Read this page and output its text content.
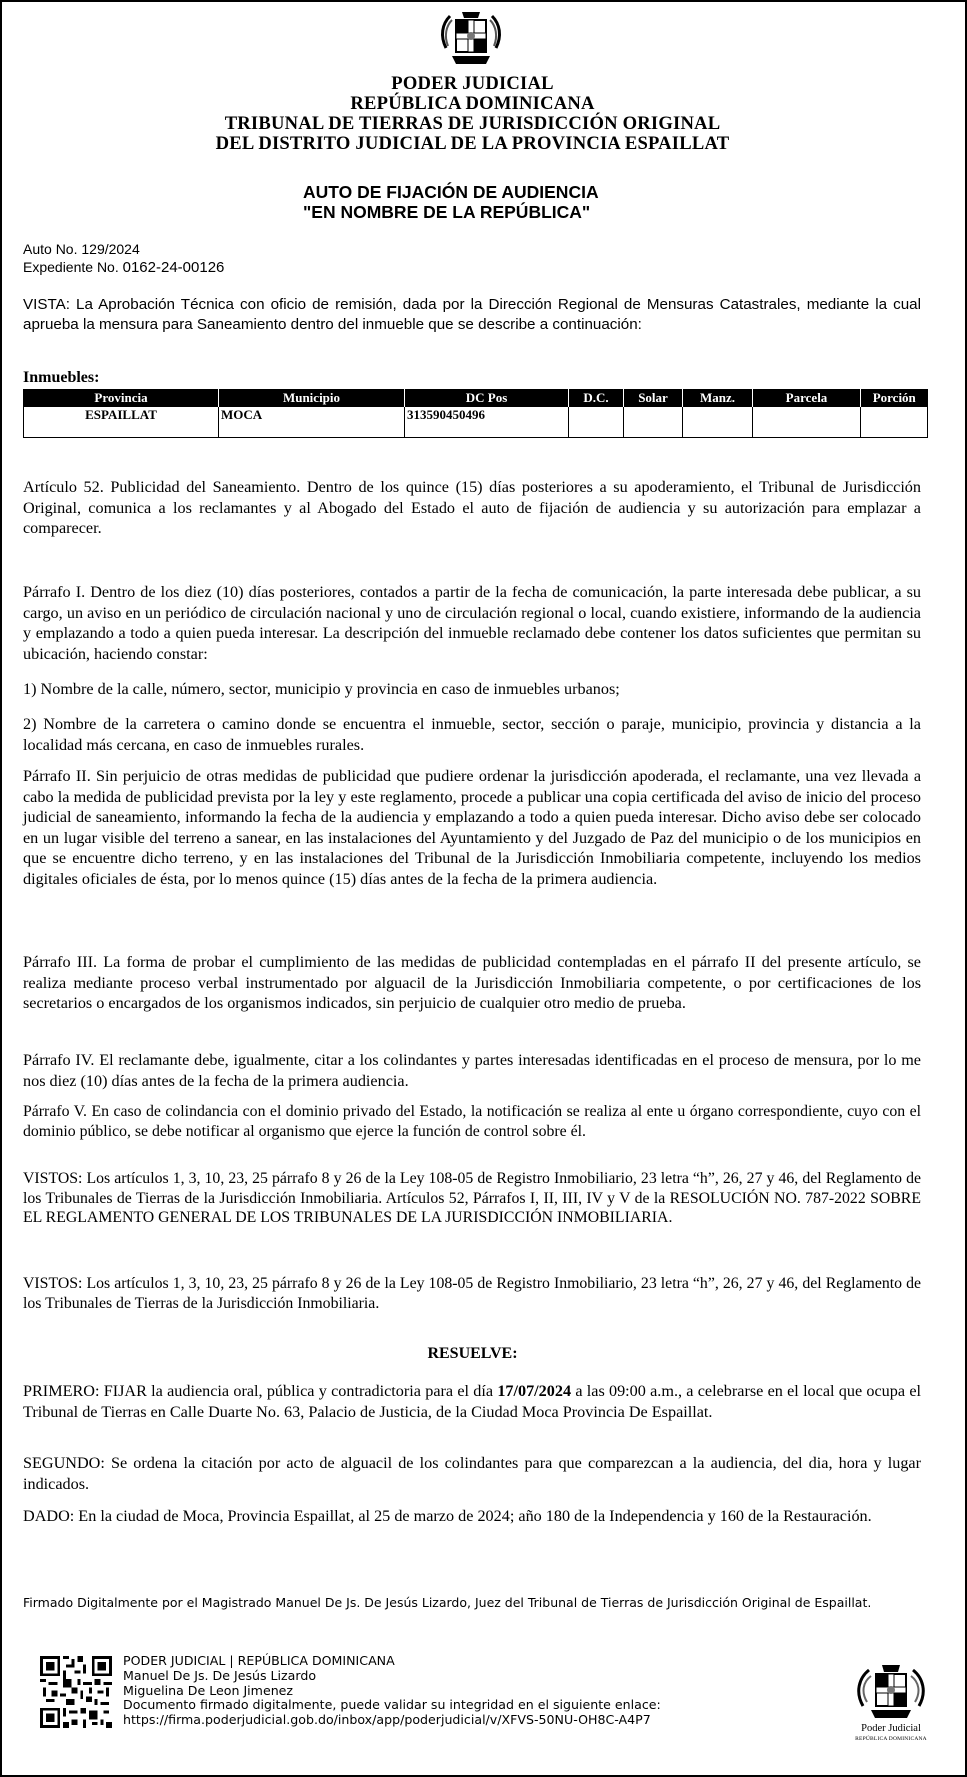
PODER JUDICIAL
REPÚBLICA DOMINICANA
TRIBUNAL DE TIERRAS DE JURISDICCIÓN ORIGINAL
DEL DISTRITO JUDICIAL DE LA PROVINCIA ESPAILLAT
AUTO DE FIJACIÓN DE AUDIENCIA
"EN NOMBRE DE LA REPÚBLICA"
Auto No. 129/2024
Expediente No. 0162-24-00126
VISTA: La Aprobación Técnica con oficio de remisión, dada por la Dirección Regional de Mensuras Catastrales, mediante la cual aprueba la mensura para Saneamiento dentro del inmueble que se describe a continuación:
Inmuebles:
Provincia	Municipio	DC Pos	D.C.	Solar	Manz.	Parcela	Porción
ESPAILLAT	MOCA	313590450496					
Artículo 52. Publicidad del Saneamiento. Dentro de los quince (15) días posteriores a su apoderamiento, el Tribunal de Jurisdicción Original, comunica a los reclamantes y al Abogado del Estado el auto de fijación de audiencia y su autorización para emplazar a comparecer.
Párrafo I. Dentro de los diez (10) días posteriores, contados a partir de la fecha de comunicación, la parte interesada debe publicar, a su cargo, un aviso en un periódico de circulación nacional y uno de circulación regional o local, cuando existiere, informando de la audiencia y emplazando a todo a quien pueda interesar. La descripción del inmueble reclamado debe contener los datos suficientes que permitan su ubicación, haciendo constar:
1) Nombre de la calle, número, sector, municipio y provincia en caso de inmuebles urbanos;
2) Nombre de la carretera o camino donde se encuentra el inmueble, sector, sección o paraje, municipio, provincia y distancia a la localidad más cercana, en caso de inmuebles rurales.
Párrafo II. Sin perjuicio de otras medidas de publicidad que pudiere ordenar la jurisdicción apoderada, el reclamante, una vez llevada a cabo la medida de publicidad prevista por la ley y este reglamento, procede a publicar una copia certificada del aviso de inicio del proceso judicial de saneamiento, informando la fecha de la audiencia y emplazando a todo a quien pueda interesar. Dicho aviso debe ser colocado en un lugar visible del terreno a sanear, en las instalaciones del Ayuntamiento y del Juzgado de Paz del municipio o de los municipios en que se encuentre dicho terreno, y en las instalaciones del Tribunal de la Jurisdicción Inmobiliaria competente, incluyendo los medios digitales oficiales de ésta, por lo menos quince (15) días antes de la fecha de la primera audiencia.
Párrafo III. La forma de probar el cumplimiento de las medidas de publicidad contempladas en el párrafo II del presente artículo, se realiza mediante proceso verbal instrumentado por alguacil de la Jurisdicción Inmobiliaria competente, o por certificaciones de los secretarios o encargados de los organismos indicados, sin perjuicio de cualquier otro medio de prueba.
Párrafo IV. El reclamante debe, igualmente, citar a los colindantes y partes interesadas identificadas en el proceso de mensura, por lo me nos diez (10) días antes de la fecha de la primera audiencia.
Párrafo V. En caso de colindancia con el dominio privado del Estado, la notificación se realiza al ente u órgano correspondiente, cuyo con el dominio público, se debe notificar al organismo que ejerce la función de control sobre él.
VISTOS: Los artículos 1, 3, 10, 23, 25 párrafo 8 y 26 de la Ley 108-05 de Registro Inmobiliario, 23 letra “h”, 26, 27 y 46, del Reglamento de los Tribunales de Tierras de la Jurisdicción Inmobiliaria. Artículos 52, Párrafos I, II, III, IV y V de la RESOLUCIÓN NO. 787-2022 SOBRE EL REGLAMENTO GENERAL DE LOS TRIBUNALES DE LA JURISDICCIÓN INMOBILIARIA.
VISTOS: Los artículos 1, 3, 10, 23, 25 párrafo 8 y 26 de la Ley 108-05 de Registro Inmobiliario, 23 letra “h”, 26, 27 y 46, del Reglamento de los Tribunales de Tierras de la Jurisdicción Inmobiliaria.
RESUELVE:
PRIMERO: FIJAR la audiencia oral, pública y contradictoria para el día 17/07/2024 a las 09:00 a.m., a celebrarse en el local que ocupa el Tribunal de Tierras en Calle Duarte No. 63, Palacio de Justicia, de la Ciudad Moca Provincia De Espaillat.
SEGUNDO: Se ordena la citación por acto de alguacil de los colindantes para que comparezcan a la audiencia, del dia, hora y lugar indicados.
DADO: En la ciudad de Moca, Provincia Espaillat, al 25 de marzo de 2024; año 180 de la Independencia y 160 de la Restauración.
Firmado Digitalmente por el Magistrado Manuel De Js. De Jesús Lizardo, Juez del Tribunal de Tierras de Jurisdicción Original de Espaillat.
PODER JUDICIAL | REPÚBLICA DOMINICANA
Manuel De Js. De Jesús Lizardo
Miguelina De Leon Jimenez
Documento firmado digitalmente, puede validar su integridad en el siguiente enlace:
https://firma.poderjudicial.gob.do/inbox/app/poderjudicial/v/XFVS-50NU-OH8C-A4P7
Poder Judicial
REPÚBLICA DOMINICANA
